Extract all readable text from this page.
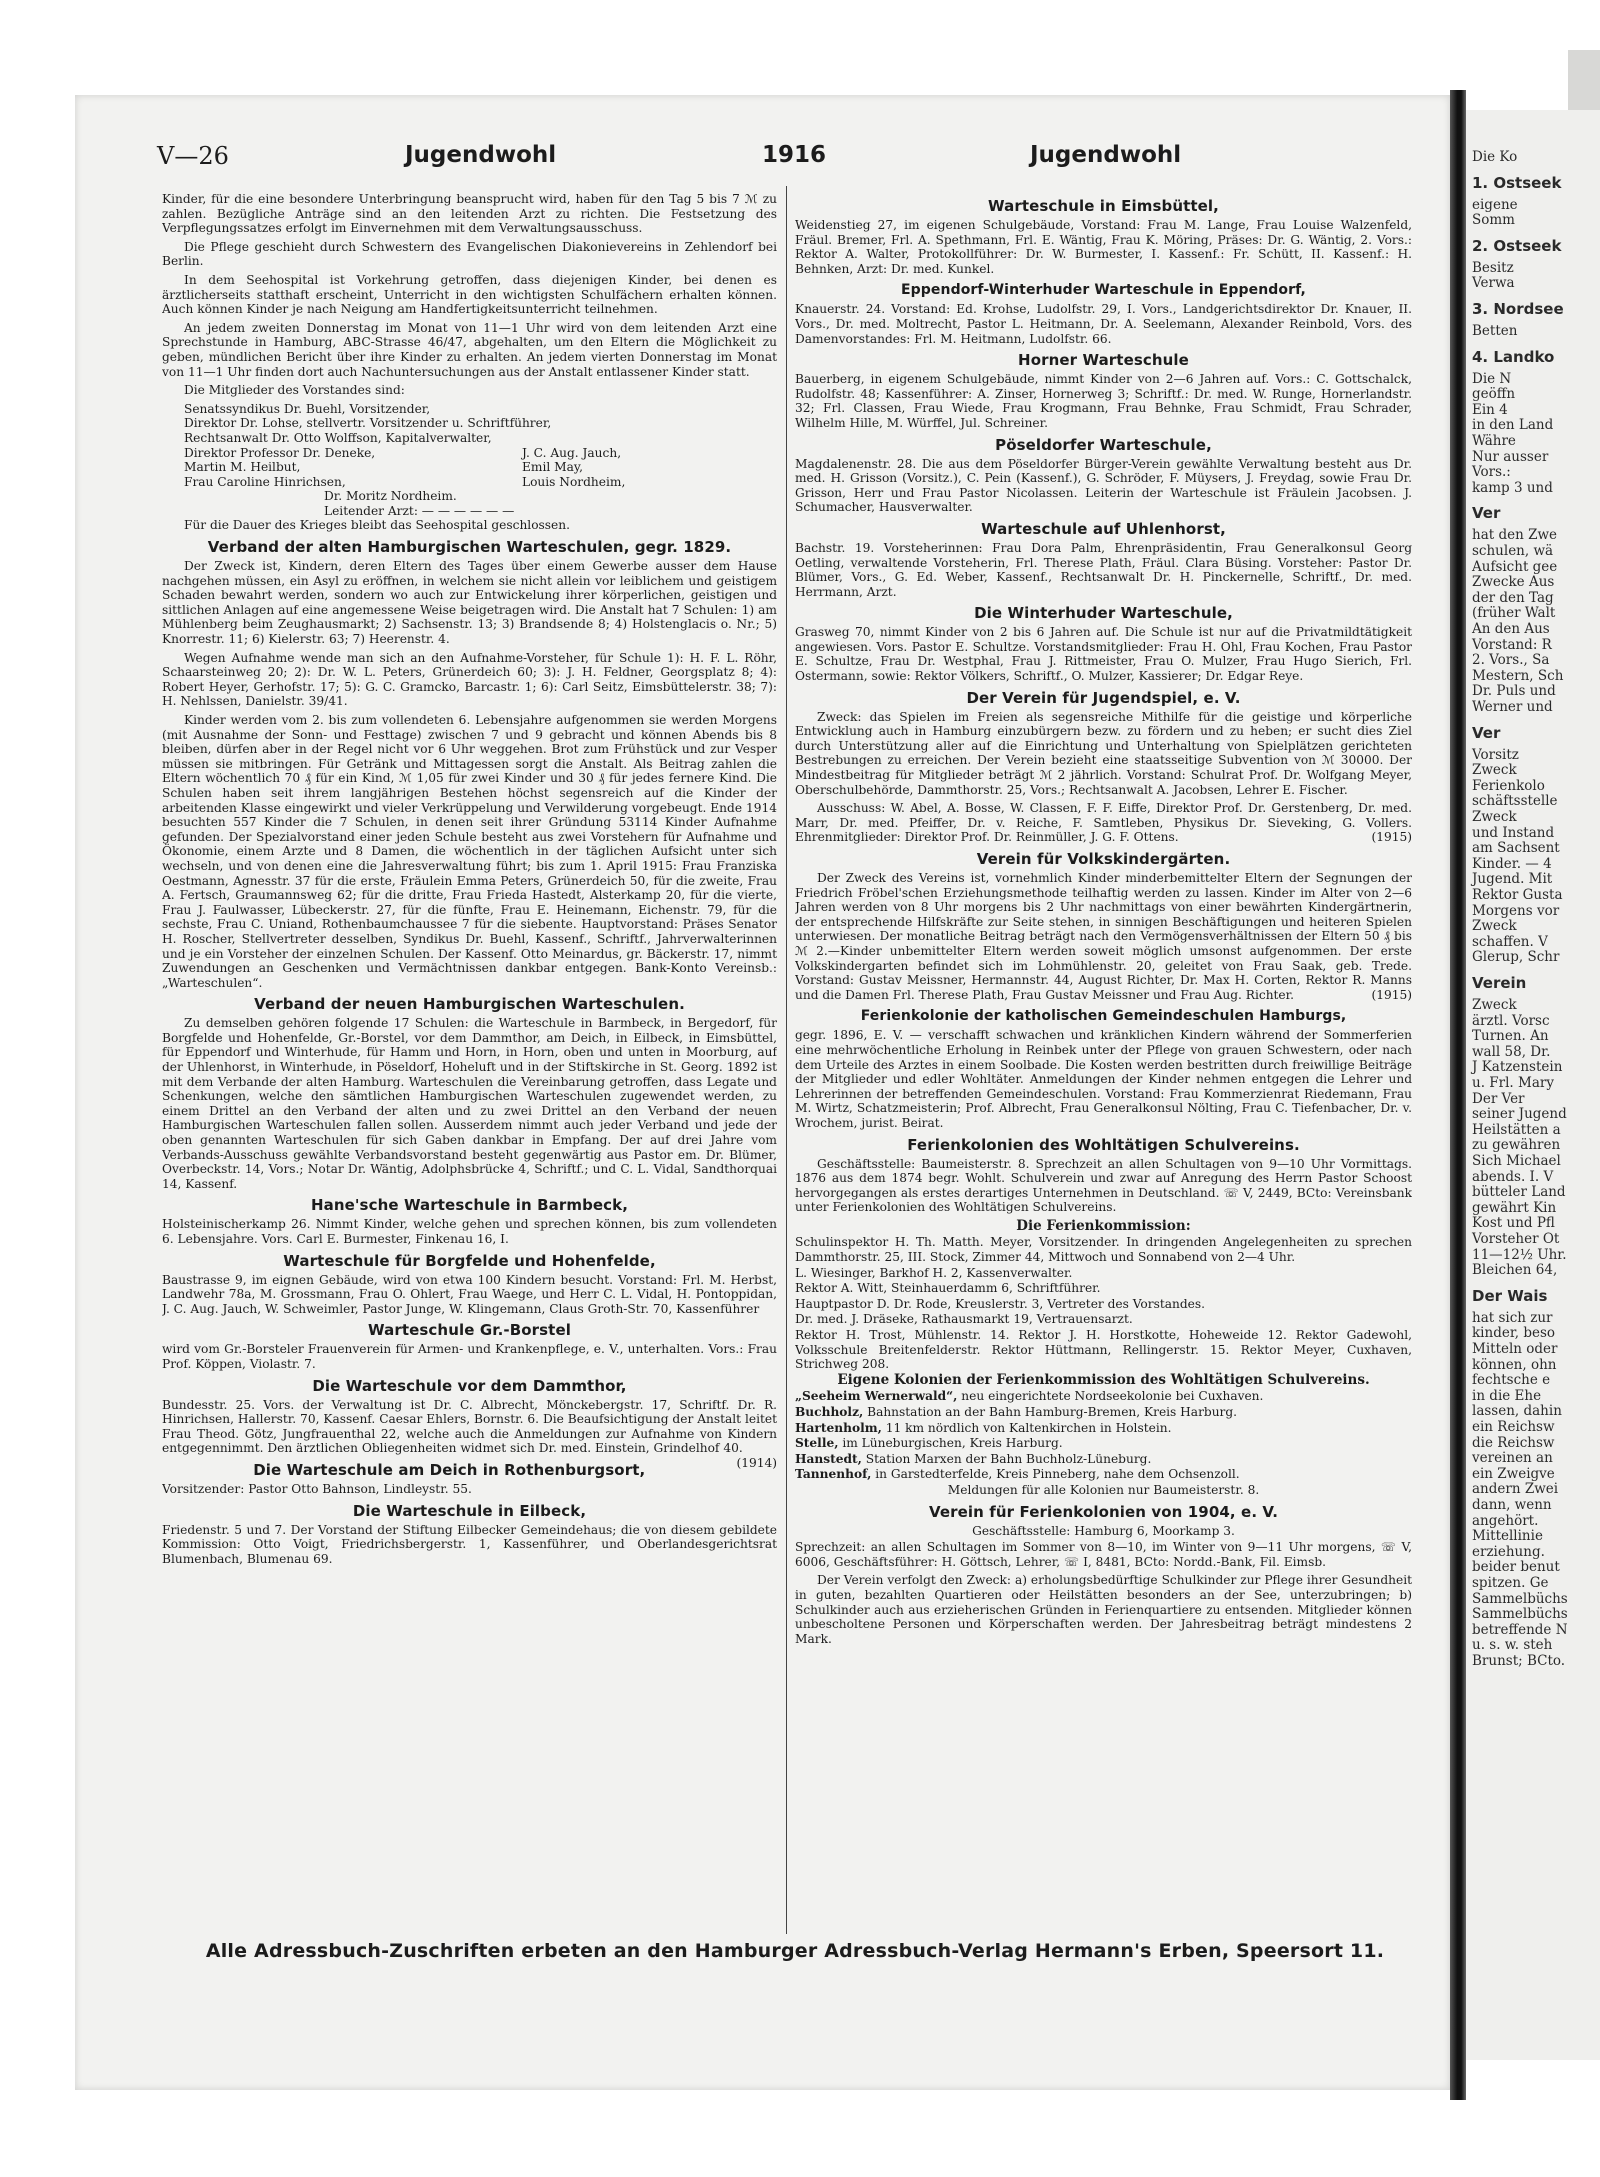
V—26	Jugendwohl	1916	Jugendwohl

Kinder, für die eine besondere Unterbringung beansprucht wird, haben für den Tag 5 bis 7 ℳ zu zahlen. Bezügliche Anträge sind an den leitenden Arzt zu richten. Die Festsetzung des Verpflegungssatzes erfolgt im Einvernehmen mit dem Verwaltungsausschuss.

Die Pflege geschieht durch Schwestern des Evangelischen Diakonievereins in Zehlendorf bei Berlin.

In dem Seehospital ist Vorkehrung getroffen, dass diejenigen Kinder, bei denen es ärztlicherseits statthaft erscheint, Unterricht in den wichtigsten Schulfächern erhalten können. Auch können Kinder je nach Neigung am Handfertigkeitsunterricht teilnehmen.

An jedem zweiten Donnerstag im Monat von 11—1 Uhr wird von dem leitenden Arzt eine Sprechstunde in Hamburg, ABC-Strasse 46/47, abgehalten, um den Eltern die Möglichkeit zu geben, mündlichen Bericht über ihre Kinder zu erhalten. An jedem vierten Donnerstag im Monat von 11—1 Uhr finden dort auch Nachuntersuchungen aus der Anstalt entlassener Kinder statt.

Die Mitglieder des Vorstandes sind:

Senatssyndikus Dr. Buehl, Vorsitzender,
Direktor Dr. Lohse, stellvertr. Vorsitzender u. Schriftführer,
Rechtsanwalt Dr. Otto Wolffson, Kapitalverwalter,
Direktor Professor Dr. Deneke,	J. C. Aug. Jauch,
Martin M. Heilbut,	Emil May,
Frau Caroline Hinrichsen,	Louis Nordheim,
Dr. Moritz Nordheim.
Leitender Arzt: — — — — — —
Für die Dauer des Krieges bleibt das Seehospital geschlossen.
Verband der alten Hamburgischen Warteschulen, gegr. 1829.

Der Zweck ist, Kindern, deren Eltern des Tages über einem Gewerbe ausser dem Hause nachgehen müssen, ein Asyl zu eröffnen, in welchem sie nicht allein vor leiblichem und geistigem Schaden bewahrt werden, sondern wo auch zur Entwickelung ihrer körperlichen, geistigen und sittlichen Anlagen auf eine angemessene Weise beigetragen wird. Die Anstalt hat 7 Schulen: 1) am Mühlenberg beim Zeughausmarkt; 2) Sachsenstr. 13; 3) Brandsende 8; 4) Holstenglacis o. Nr.; 5) Knorrestr. 11; 6) Kielerstr. 63; 7) Heerenstr. 4.

Wegen Aufnahme wende man sich an den Aufnahme-Vorsteher, für Schule 1): H. F. L. Röhr, Schaarsteinweg 20; 2): Dr. W. L. Peters, Grünerdeich 60; 3): J. H. Feldner, Georgsplatz 8; 4): Robert Heyer, Gerhofstr. 17; 5): G. C. Gramcko, Barcastr. 1; 6): Carl Seitz, Eimsbüttelerstr. 38; 7): H. Nehlssen, Danielstr. 39/41.

Kinder werden vom 2. bis zum vollendeten 6. Lebensjahre aufgenommen sie werden Morgens (mit Ausnahme der Sonn- und Festtage) zwischen 7 und 9 gebracht und können Abends bis 8 bleiben, dürfen aber in der Regel nicht vor 6 Uhr weggehen. Brot zum Frühstück und zur Vesper müssen sie mitbringen. Für Getränk und Mittagessen sorgt die Anstalt. Als Beitrag zahlen die Eltern wöchentlich 70 ₰ für ein Kind, ℳ 1,05 für zwei Kinder und 30 ₰ für jedes fernere Kind. Die Schulen haben seit ihrem langjährigen Bestehen höchst segensreich auf die Kinder der arbeitenden Klasse eingewirkt und vieler Verkrüppelung und Verwilderung vorgebeugt. Ende 1914 besuchten 557 Kinder die 7 Schulen, in denen seit ihrer Gründung 53114 Kinder Aufnahme gefunden. Der Spezialvorstand einer jeden Schule besteht aus zwei Vorstehern für Aufnahme und Ökonomie, einem Arzte und 8 Damen, die wöchentlich in der täglichen Aufsicht unter sich wechseln, und von denen eine die Jahresverwaltung führt; bis zum 1. April 1915: Frau Franziska Oestmann, Agnesstr. 37 für die erste, Fräulein Emma Peters, Grünerdeich 50, für die zweite, Frau A. Fertsch, Graumannsweg 62; für die dritte, Frau Frieda Hastedt, Alsterkamp 20, für die vierte, Frau J. Faulwasser, Lübeckerstr. 27, für die fünfte, Frau E. Heinemann, Eichenstr. 79, für die sechste, Frau C. Uniand, Rothenbaumchaussee 7 für die siebente. Hauptvorstand: Präses Senator H. Roscher, Stellvertreter desselben, Syndikus Dr. Buehl, Kassenf., Schriftf., Jahrverwalterinnen und je ein Vorsteher der einzelnen Schulen. Der Kassenf. Otto Meinardus, gr. Bäckerstr. 17, nimmt Zuwendungen an Geschenken und Vermächtnissen dankbar entgegen. Bank-Konto Vereinsb.: „Warteschulen“.

Verband der neuen Hamburgischen Warteschulen.

Zu demselben gehören folgende 17 Schulen: die Warteschule in Barmbeck, in Bergedorf, für Borgfelde und Hohenfelde, Gr.-Borstel, vor dem Dammthor, am Deich, in Eilbeck, in Eimsbüttel, für Eppendorf und Winterhude, für Hamm und Horn, in Horn, oben und unten in Moorburg, auf der Uhlenhorst, in Winterhude, in Pöseldorf, Hoheluft und in der Stiftskirche in St. Georg. 1892 ist mit dem Verbande der alten Hamburg. Warteschulen die Vereinbarung getroffen, dass Legate und Schenkungen, welche den sämtlichen Hamburgischen Warteschulen zugewendet werden, zu einem Drittel an den Verband der alten und zu zwei Drittel an den Verband der neuen Hamburgischen Warteschulen fallen sollen. Ausserdem nimmt auch jeder Verband und jede der oben genannten Warteschulen für sich Gaben dankbar in Empfang. Der auf drei Jahre vom Verbands-Ausschuss gewählte Verbandsvorstand besteht gegenwärtig aus Pastor em. Dr. Blümer, Overbeckstr. 14, Vors.; Notar Dr. Wäntig, Adolphsbrücke 4, Schriftf.; und C. L. Vidal, Sandthorquai 14, Kassenf.

Hane'sche Warteschule in Barmbeck,

Holsteinischerkamp 26. Nimmt Kinder, welche gehen und sprechen können, bis zum vollendeten 6. Lebensjahre. Vors. Carl E. Burmester, Finkenau 16, I.

Warteschule für Borgfelde und Hohenfelde,

Baustrasse 9, im eignen Gebäude, wird von etwa 100 Kindern besucht. Vorstand: Frl. M. Herbst, Landwehr 78a, M. Grossmann, Frau O. Ohlert, Frau Waege, und Herr C. L. Vidal, H. Pontoppidan, J. C. Aug. Jauch, W. Schweimler, Pastor Junge, W. Klingemann, Claus Groth-Str. 70, Kassenführer

Warteschule Gr.-Borstel

wird vom Gr.-Borsteler Frauenverein für Armen- und Krankenpflege, e. V., unterhalten. Vors.: Frau Prof. Köppen, Violastr. 7.

Die Warteschule vor dem Dammthor,

Bundesstr. 25. Vors. der Verwaltung ist Dr. C. Albrecht, Mönckebergstr. 17, Schriftf. Dr. R. Hinrichsen, Hallerstr. 70, Kassenf. Caesar Ehlers, Bornstr. 6. Die Beaufsichtigung der Anstalt leitet Frau Theod. Götz, Jungfrauenthal 22, welche auch die Anmeldungen zur Aufnahme von Kindern entgegennimmt. Den ärztlichen Obliegenheiten widmet sich Dr. med. Einstein, Grindelhof 40.
(1914)

Die Warteschule am Deich in Rothenburgsort,

Vorsitzender: Pastor Otto Bahnson, Lindleystr. 55.

Die Warteschule in Eilbeck,

Friedenstr. 5 und 7. Der Vorstand der Stiftung Eilbecker Gemeindehaus; die von diesem gebildete Kommission: Otto Voigt, Friedrichsbergerstr. 1, Kassenführer, und Oberlandesgerichtsrat Blumenbach, Blumenau 69.

Warteschule in Eimsbüttel,

Weidenstieg 27, im eigenen Schulgebäude, Vorstand: Frau M. Lange, Frau Louise Walzenfeld, Fräul. Bremer, Frl. A. Spethmann, Frl. E. Wäntig, Frau K. Möring, Präses: Dr. G. Wäntig, 2. Vors.: Rektor A. Walter, Protokollführer: Dr. W. Burmester, I. Kassenf.: Fr. Schütt, II. Kassenf.: H. Behnken, Arzt: Dr. med. Kunkel.

Eppendorf-Winterhuder Warteschule in Eppendorf,

Knauerstr. 24. Vorstand: Ed. Krohse, Ludolfstr. 29, I. Vors., Landgerichtsdirektor Dr. Knauer, II. Vors., Dr. med. Moltrecht, Pastor L. Heitmann, Dr. A. Seelemann, Alexander Reinbold, Vors. des Damenvorstandes: Frl. M. Heitmann, Ludolfstr. 66.

Horner Warteschule

Bauerberg, in eigenem Schulgebäude, nimmt Kinder von 2—6 Jahren auf. Vors.: C. Gottschalck, Rudolfstr. 48; Kassenführer: A. Zinser, Hornerweg 3; Schriftf.: Dr. med. W. Runge, Hornerlandstr. 32; Frl. Classen, Frau Wiede, Frau Krogmann, Frau Behnke, Frau Schmidt, Frau Schrader, Wilhelm Hille, M. Würffel, Jul. Schreiner.

Pöseldorfer Warteschule,

Magdalenenstr. 28. Die aus dem Pöseldorfer Bürger-Verein gewählte Verwaltung besteht aus Dr. med. H. Grisson (Vorsitz.), C. Pein (Kassenf.), G. Schröder, F. Müysers, J. Freydag, sowie Frau Dr. Grisson, Herr und Frau Pastor Nicolassen. Leiterin der Warteschule ist Fräulein Jacobsen. J. Schumacher, Hausverwalter.

Warteschule auf Uhlenhorst,

Bachstr. 19. Vorsteherinnen: Frau Dora Palm, Ehrenpräsidentin, Frau Generalkonsul Georg Oetling, verwaltende Vorsteherin, Frl. Therese Plath, Fräul. Clara Büsing. Vorsteher: Pastor Dr. Blümer, Vors., G. Ed. Weber, Kassenf., Rechtsanwalt Dr. H. Pinckernelle, Schriftf., Dr. med. Herrmann, Arzt.

Die Winterhuder Warteschule,

Grasweg 70, nimmt Kinder von 2 bis 6 Jahren auf. Die Schule ist nur auf die Privatmildtätigkeit angewiesen. Vors. Pastor E. Schultze. Vorstandsmitglieder: Frau H. Ohl, Frau Kochen, Frau Pastor E. Schultze, Frau Dr. Westphal, Frau J. Rittmeister, Frau O. Mulzer, Frau Hugo Sierich, Frl. Ostermann, sowie: Rektor Völkers, Schriftf., O. Mulzer, Kassierer; Dr. Edgar Reye.

Der Verein für Jugendspiel, e. V.

Zweck: das Spielen im Freien als segensreiche Mithilfe für die geistige und körperliche Entwicklung auch in Hamburg einzubürgern bezw. zu fördern und zu heben; er sucht dies Ziel durch Unterstützung aller auf die Einrichtung und Unterhaltung von Spielplätzen gerichteten Bestrebungen zu erreichen. Der Verein bezieht eine staatsseitige Subvention von ℳ 30000. Der Mindestbeitrag für Mitglieder beträgt ℳ 2 jährlich. Vorstand: Schulrat Prof. Dr. Wolfgang Meyer, Oberschulbehörde, Dammthorstr. 25, Vors.; Rechtsanwalt A. Jacobsen, Lehrer E. Fischer.

Ausschuss: W. Abel, A. Bosse, W. Classen, F. F. Eiffe, Direktor Prof. Dr. Gerstenberg, Dr. med. Marr, Dr. med. Pfeiffer, Dr. v. Reiche, F. Samtleben, Physikus Dr. Sieveking, G. Vollers. Ehrenmitglieder: Direktor Prof. Dr. Reinmüller, J. G. F. Ottens.	(1915)

Verein für Volkskindergärten.

Der Zweck des Vereins ist, vornehmlich Kinder minderbemittelter Eltern der Segnungen der Friedrich Fröbel'schen Erziehungsmethode teilhaftig werden zu lassen. Kinder im Alter von 2—6 Jahren werden von 8 Uhr morgens bis 2 Uhr nachmittags von einer bewährten Kindergärtnerin, der entsprechende Hilfskräfte zur Seite stehen, in sinnigen Beschäftigungen und heiteren Spielen unterwiesen. Der monatliche Beitrag beträgt nach den Vermögensverhältnissen der Eltern 50 ₰ bis ℳ 2.—Kinder unbemittelter Eltern werden soweit möglich umsonst aufgenommen. Der erste Volkskindergarten befindet sich im Lohmühlenstr. 20, geleitet von Frau Saak, geb. Trede. Vorstand: Gustav Meissner, Hermannstr. 44, August Richter, Dr. Max H. Corten, Rektor R. Manns und die Damen Frl. Therese Plath, Frau Gustav Meissner und Frau Aug. Richter.	(1915)

Ferienkolonie der katholischen Gemeindeschulen Hamburgs,

gegr. 1896, E. V. — verschafft schwachen und kränklichen Kindern während der Sommerferien eine mehrwöchentliche Erholung in Reinbek unter der Pflege von grauen Schwestern, oder nach dem Urteile des Arztes in einem Soolbade. Die Kosten werden bestritten durch freiwillige Beiträge der Mitglieder und edler Wohltäter. Anmeldungen der Kinder nehmen entgegen die Lehrer und Lehrerinnen der betreffenden Gemeindeschulen. Vorstand: Frau Kommerzienrat Riedemann, Frau M. Wirtz, Schatzmeisterin; Prof. Albrecht, Frau Generalkonsul Nölting, Frau C. Tiefenbacher, Dr. v. Wrochem, jurist. Beirat.

Ferienkolonien des Wohltätigen Schulvereins.

Geschäftsstelle: Baumeisterstr. 8. Sprechzeit an allen Schultagen von 9—10 Uhr Vormittags. 1876 aus dem 1874 begr. Wohlt. Schulverein und zwar auf Anregung des Herrn Pastor Schoost hervorgegangen als erstes derartiges Unternehmen in Deutschland. ☏ V, 2449, BCto: Vereinsbank unter Ferienkolonien des Wohltätigen Schulvereins.

Die Ferienkommission:

Schulinspektor H. Th. Matth. Meyer, Vorsitzender. In dringenden Angelegenheiten zu sprechen Dammthorstr. 25, III. Stock, Zimmer 44, Mittwoch und Sonnabend von 2—4 Uhr.

L. Wiesinger, Barkhof H. 2, Kassenverwalter.

Rektor A. Witt, Steinhauerdamm 6, Schriftführer.

Hauptpastor D. Dr. Rode, Kreuslerstr. 3, Vertreter des Vorstandes.

Dr. med. J. Dräseke, Rathausmarkt 19, Vertrauensarzt.

Rektor H. Trost, Mühlenstr. 14. Rektor J. H. Horstkotte, Hoheweide 12. Rektor Gadewohl, Volksschule Breitenfelderstr. Rektor Hüttmann, Rellingerstr. 15. Rektor Meyer, Cuxhaven, Strichweg 208.

Eigene Kolonien der Ferienkommission des Wohltätigen Schulvereins.

„Seeheim Wernerwald“, neu eingerichtete Nordseekolonie bei Cuxhaven.

Buchholz, Bahnstation an der Bahn Hamburg-Bremen, Kreis Harburg.

Hartenholm, 11 km nördlich von Kaltenkirchen in Holstein.

Stelle, im Lüneburgischen, Kreis Harburg.

Hanstedt, Station Marxen der Bahn Buchholz-Lüneburg.

Tannenhof, in Garstedterfelde, Kreis Pinneberg, nahe dem Ochsenzoll.

Meldungen für alle Kolonien nur Baumeisterstr. 8.
Verein für Ferienkolonien von 1904, e. V.
Geschäftsstelle: Hamburg 6, Moorkamp 3.

Sprechzeit: an allen Schultagen im Sommer von 8—10, im Winter von 9—11 Uhr morgens, ☏ V, 6006, Geschäftsführer: H. Göttsch, Lehrer, ☏ I, 8481, BCto: Nordd.-Bank, Fil. Eimsb.

Der Verein verfolgt den Zweck: a) erholungsbedürftige Schulkinder zur Pflege ihrer Gesundheit in guten, bezahlten Quartieren oder Heilstätten besonders an der See, unterzubringen; b) Schulkinder auch aus erzieherischen Gründen in Ferienquartiere zu entsenden. Mitglieder können unbescholtene Personen und Körperschaften werden. Der Jahresbeitrag beträgt mindestens 2 Mark.

Alle Adressbuch-Zuschriften erbeten an den Hamburger Adressbuch-Verlag Hermann's Erben, Speersort 11.
Die Ko
1. Ostseek
eigene
Somm
2. Ostseek
Besitz
Verwa
3. Nordsee
Betten
4. Landko
Die N
geöffn
Ein 4
in den Land
Währe
Nur ausser
Vors.:
kamp 3 und
Ver
hat den Zwe
schulen, wä
Aufsicht gee
Zwecke Aus
der den Tag
(früher Walt
An den Aus
Vorstand: R
2. Vors., Sa
Mestern, Sch
Dr. Puls und
Werner und
Ver
Vorsitz
Zweck
Ferienkolo
schäftsstelle
Zweck
und Instand
am Sachsent
Kinder. — 4
Jugend. Mit
Rektor Gusta
Morgens vor
Zweck
schaffen. V
Glerup, Schr
Verein
Zweck
ärztl. Vorsc
Turnen. An
wall 58, Dr.
J Katzenstein
u. Frl. Mary
Der Ver
seiner Jugend
Heilstätten a
zu gewähren
Sich Michael
abends. I. V
bütteler Land
gewährt Kin
Kost und Pfl
Vorsteher Ot
11—12½ Uhr.
Bleichen 64,
Der Wais
hat sich zur
kinder, beso
Mitteln oder
können, ohn
fechtsche e
in die Ehe
lassen, dahin
ein Reichsw
die Reichsw
vereinen an
ein Zweigve
andern Zwei
dann, wenn
angehört.
Mittellinie
erziehung.
beider benut
spitzen. Ge
Sammelbüchs
Sammelbüchs
betreffende N
u. s. w. steh
Brunst; BCto.
